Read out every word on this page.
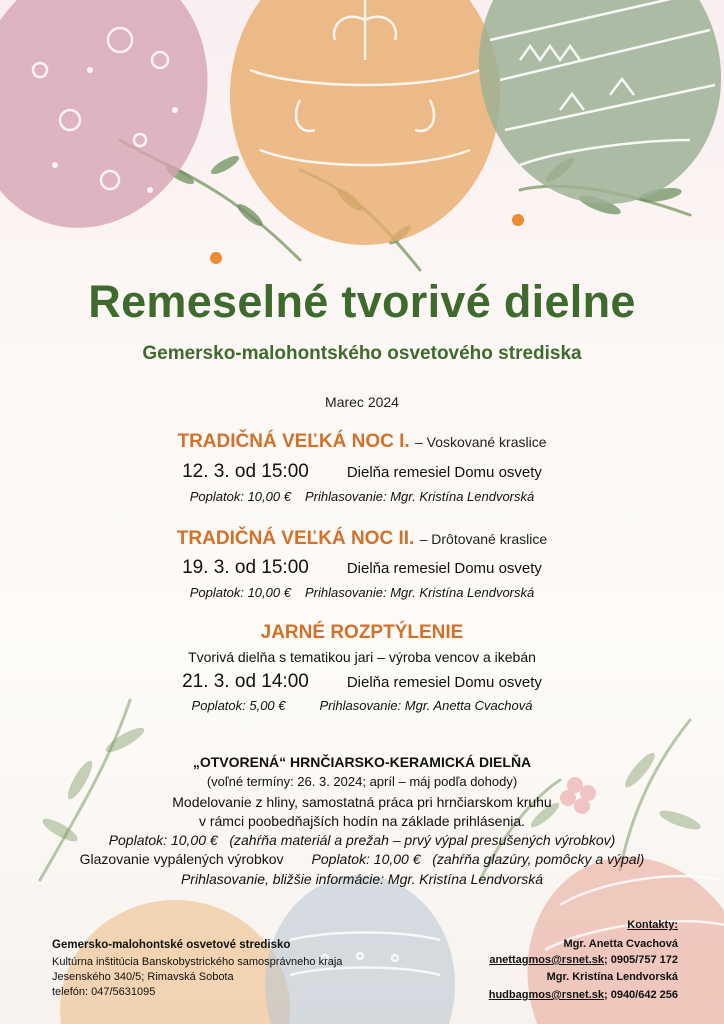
Remeselné tvorivé dielne
Gemersko-malohontského osvetového strediska
Marec 2024
TRADIČNÁ VEĽKÁ NOC I. – Voskované kraslice
12. 3. od 15:00	Dielňa remesiel Domu osvety
Poplatok: 10,00 € Prihlasovanie: Mgr. Kristína Lendvorská
TRADIČNÁ VEĽKÁ NOC II. – Drôtované kraslice
19. 3. od 15:00	Dielňa remesiel Domu osvety
Poplatok: 10,00 € Prihlasovanie: Mgr. Kristína Lendvorská
JARNÉ ROZPTÝLENIE
Tvorivá dielňa s tematikou jari – výroba vencov a ikebán
21. 3. od 14:00	Dielňa remesiel Domu osvety
Poplatok: 5,00 €	Prihlasovanie: Mgr. Anetta Cvachová
„OTVORENÁ“ HRNČIARSKO-KERAMICKÁ DIELŇA
(voľné termíny: 26. 3. 2024; apríl – máj podľa dohody)
Modelovanie z hliny, samostatná práca pri hrnčiarskom kruhu
v rámci poobedňajších hodín na základe prihlásenia.
Poplatok: 10,00 € (zahŕňa materiál a prežah – prvý výpal presušených výrobkov)
Glazovanie vypálených výrobkov Poplatok: 10,00 € (zahŕňa glazúry, pomôcky a výpal)
Prihlasovanie, bližšie informácie: Mgr. Kristína Lendvorská
Gemersko-malohontské osvetové stredisko
Kultúrna inštitúcia Banskobystrického samosprávneho kraja
Jesenského 340/5; Rimavská Sobota
telefón: 047/5631095
Kontakty:
Mgr. Anetta Cvachová
anettagmos@rsnet.sk; 0905/757 172
Mgr. Kristína Lendvorská
hudbagmos@rsnet.sk; 0940/642 256
